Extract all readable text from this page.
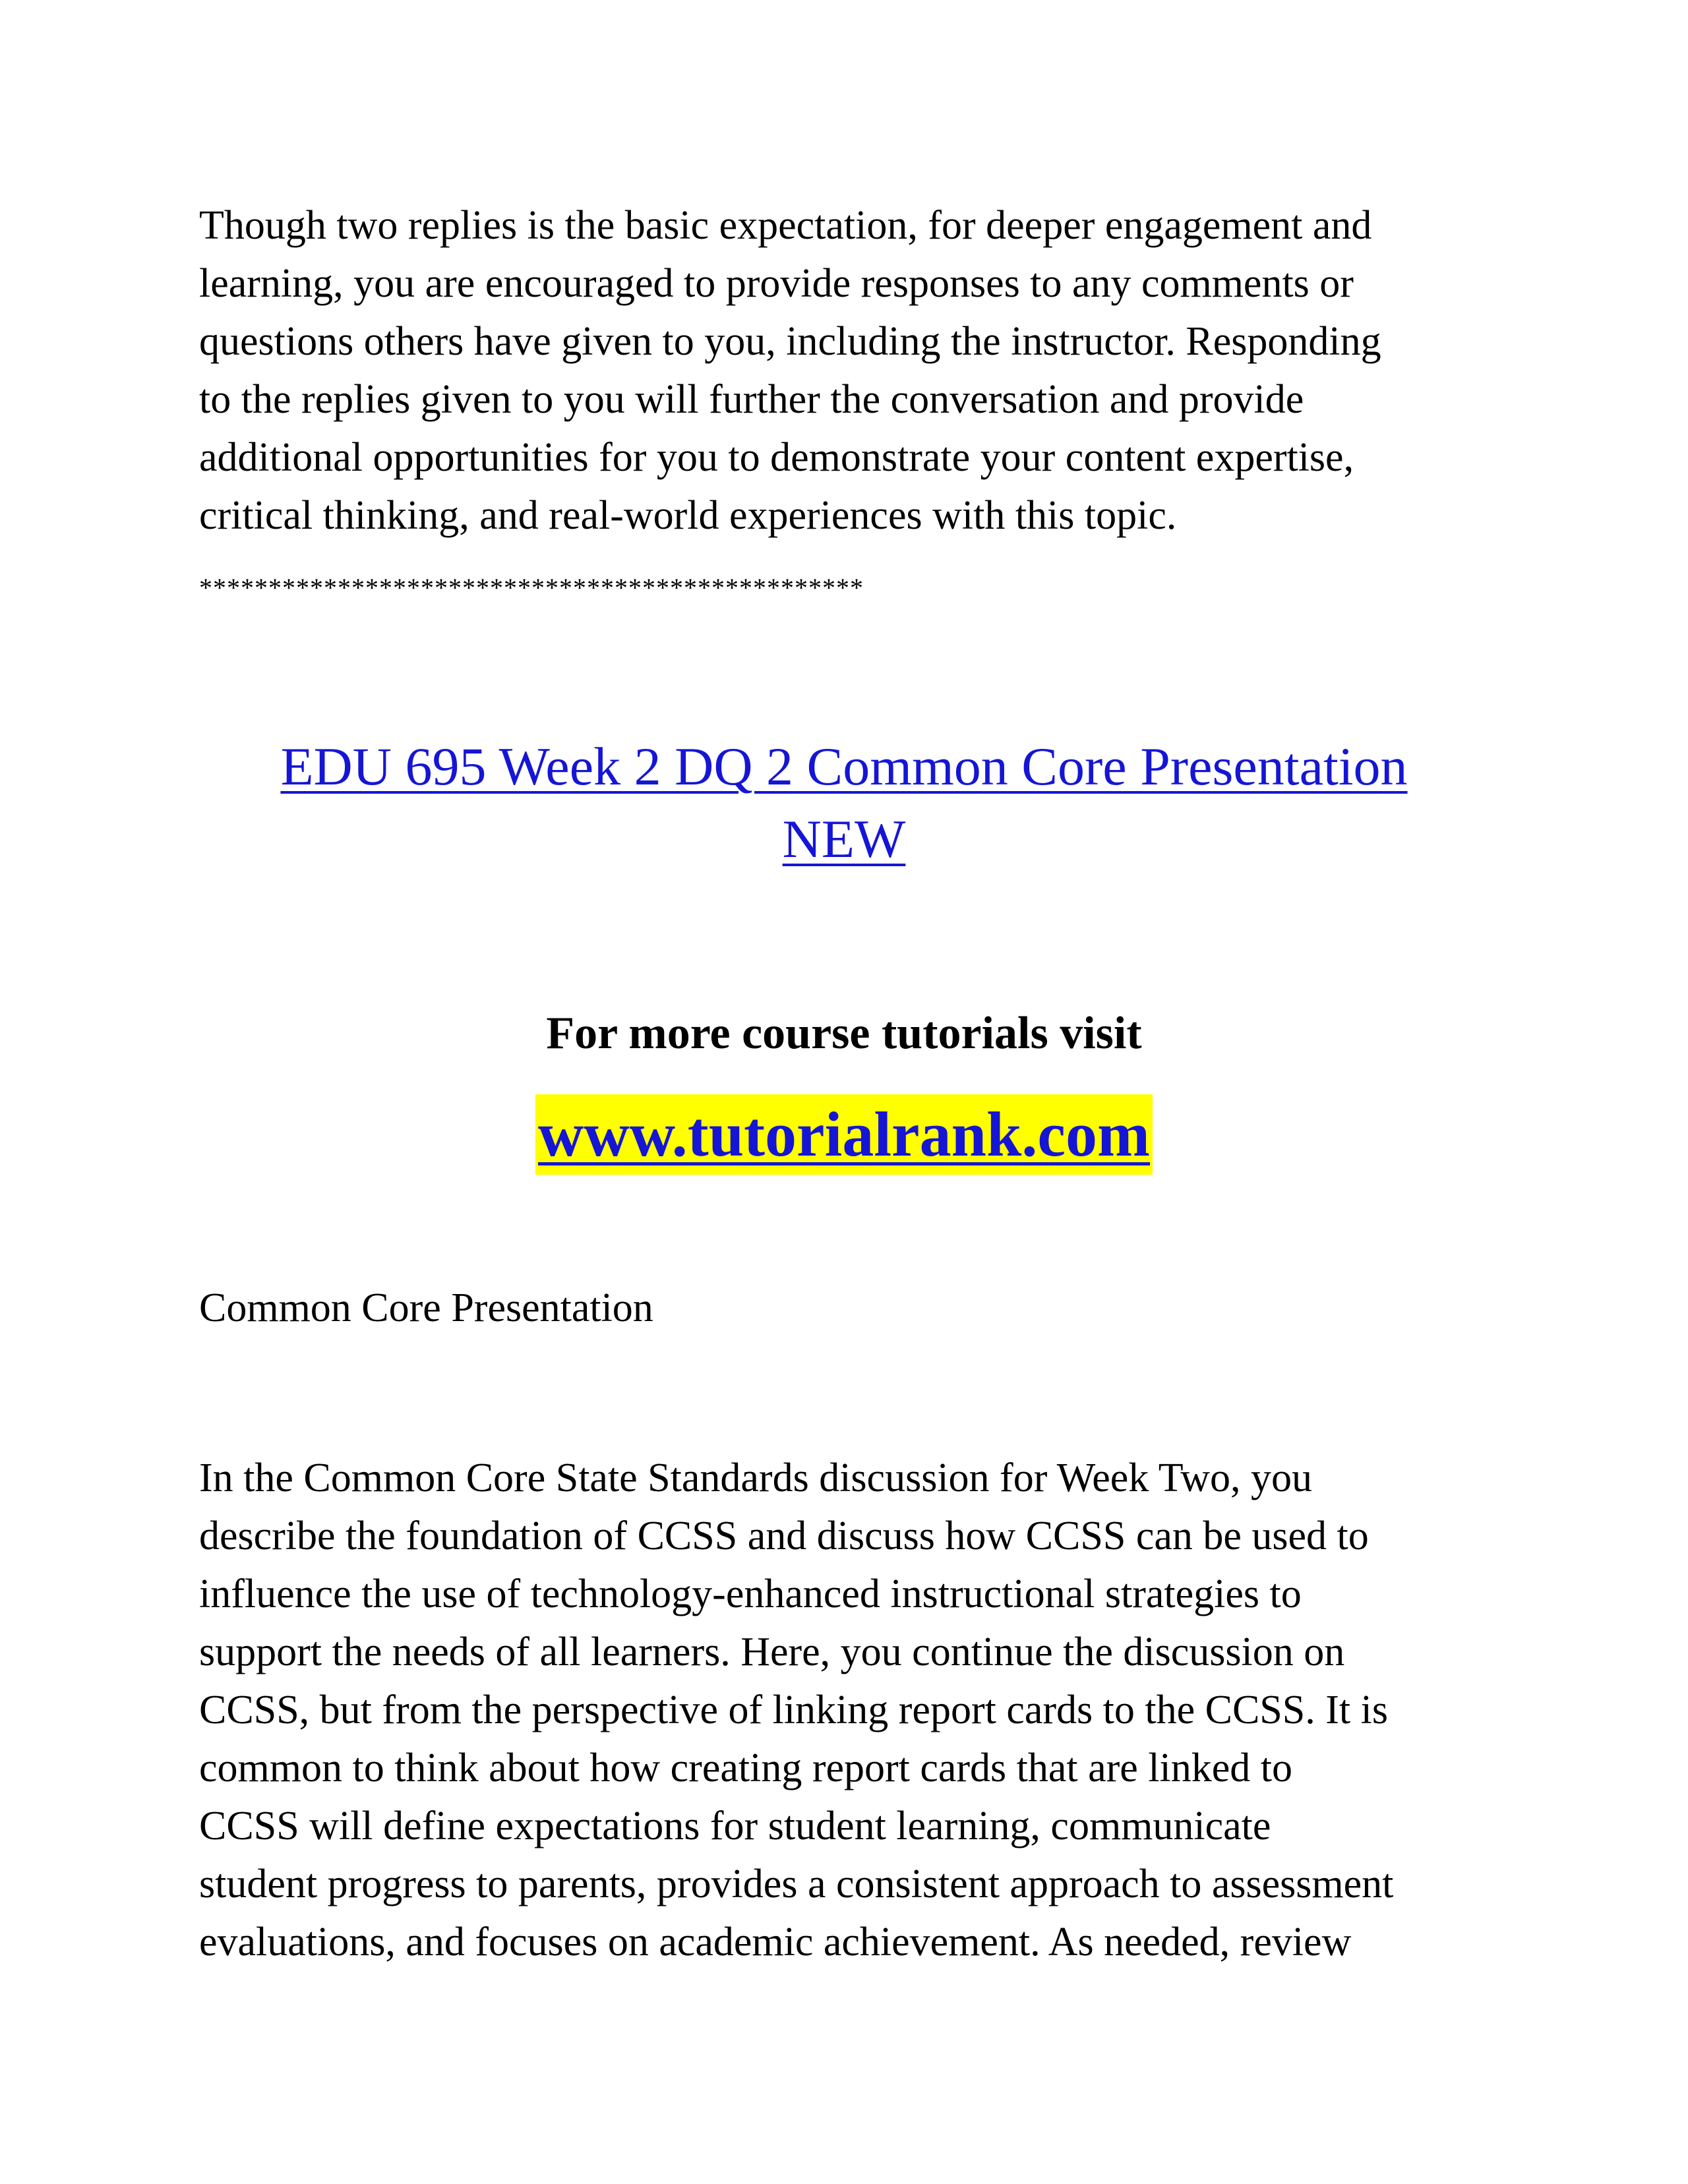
Though two replies is the basic expectation, for deeper engagement and
learning, you are encouraged to provide responses to any comments or
questions others have given to you, including the instructor. Responding
to the replies given to you will further the conversation and provide
additional opportunities for you to demonstrate your content expertise,
critical thinking, and real-world experiences with this topic.

************************************************
EDU 695 Week 2 DQ 2 Common Core Presentation
NEW
For more course tutorials visit
www.tutorialrank.com

Common Core Presentation

In the Common Core State Standards discussion for Week Two, you
describe the foundation of CCSS and discuss how CCSS can be used to
influence the use of technology-enhanced instructional strategies to
support the needs of all learners. Here, you continue the discussion on
CCSS, but from the perspective of linking report cards to the CCSS. It is
common to think about how creating report cards that are linked to
CCSS will define expectations for student learning, communicate
student progress to parents, provides a consistent approach to assessment
evaluations, and focuses on academic achievement. As needed, review
